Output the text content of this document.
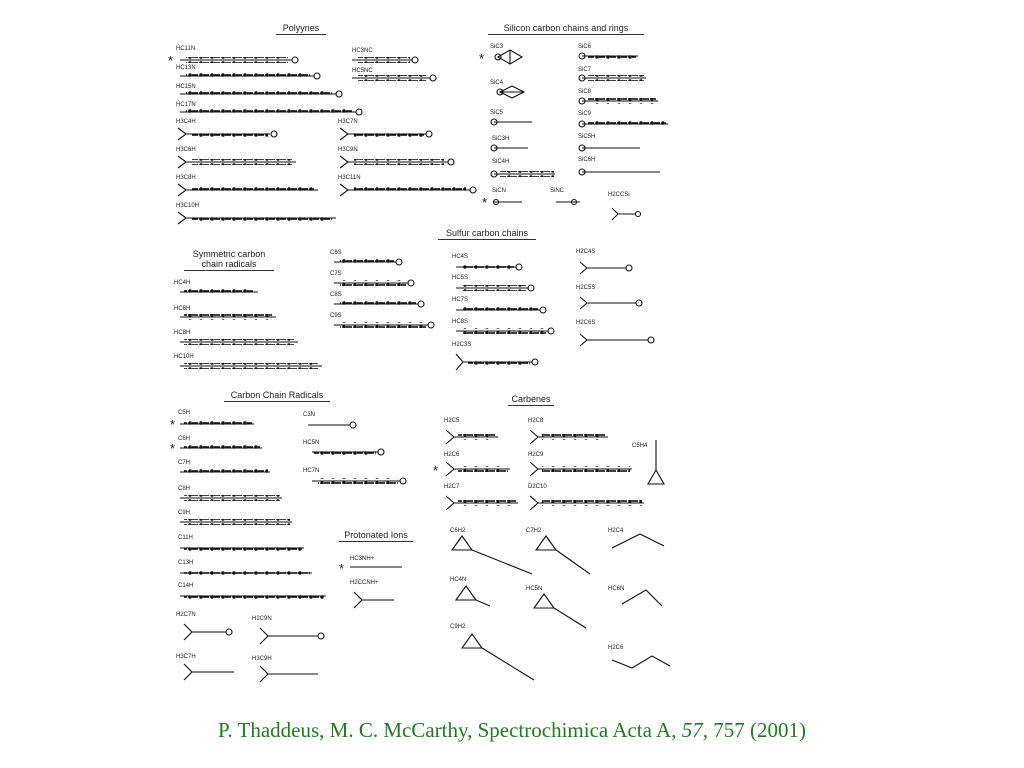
Polyynes	Silicon carbon chains and rings
Symmetric carbon
chain radicals
Sulfur carbon chains
Carbon Chain Radicals	Carbenes
Protonated Ions
*	*
*
*
*
*
*
HC11N
HC13N
HC15N
HC17N
H3C4H
H3C6H
H3C8H
H3C10H
HC3NC
HC5NC
H3C7N
H3C9N
H3C11N
SiC3
SiC4
SiC5
SiC3H
SiC4H
SiCN	SiNC
H2CCSi
SiC6
SiC7
SiC8
SiC9
SiC5H
SiC6H
HC4H
HC6H
HC8H
HC10H
C6S
C7S
C8S
C9S
HC4S
HC5S
HC7S
HC8S
H2C3S
H2C4S
H2C5S
H2C6S
C5H
C6H
C7H
C8H
C9H
C11H
C13H
C14H
C3N
HC5N
HC7N
H2C7N
H2C9N
H3C7H	H3C9H
HC3NH+
H2CCNH+
H2C5
H2C6
H2C7
H2C8
H2C9
D2C10
C5H4
C6H2	C7H2	H2C4
HC4N
HC5N	HC6N
C9H2
H2C6
P. Thaddeus, M. C. McCarthy, Spectrochimica Acta A, 57, 757 (2001)
